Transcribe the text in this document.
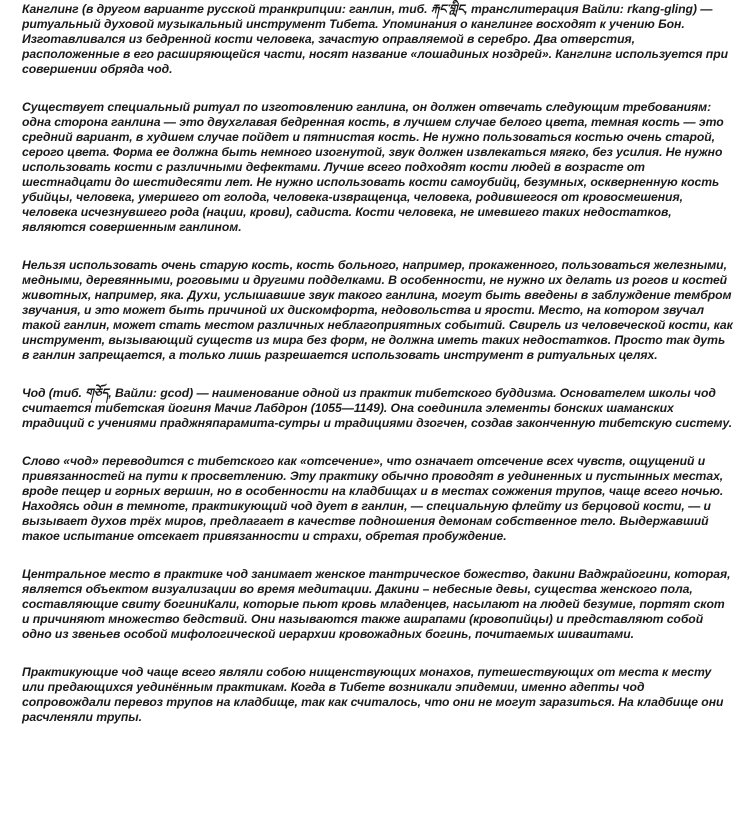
Канглинг (в другом варианте русской транкрипции: ганлин, тиб. རྐང་གླིང, транслитерация Вайли: rkang-gling) — ритуальный духовой музыкальный инструмент Тибета. Упоминания о канглинге восходят к учению Бон. Изготавливался из бедренной кости человека, зачастую оправляемой в серебро. Два отверстия, расположенные в его расширяющейся части, носят название «лошадиных ноздрей». Канглинг используется при совершении обряда чод.

Существует специальный ритуал по изготовлению ганлина, он должен отвечать следующим требованиям: одна сторона ганлина — это двухглавая бедренная кость, в лучшем случае белого цвета, темная кость — это средний вариант, в худшем случае пойдет и пятнистая кость. Не нужно пользоваться костью очень старой, серого цвета. Форма ее должна быть немного изогнутой, звук должен извлекаться мягко, без усилия. Не нужно использовать кости с различными дефектами. Лучше всего подходят кости людей в возрасте от шестнадцати до шестидесяти лет. Не нужно использовать кости самоубийц, безумных, оскверненную кость убийцы, человека, умершего от голода, человека-извращенца, человека, родившегося от кровосмешения, человека исчезнувшего рода (нации, крови), садиста. Кости человека, не имевшего таких недостатков, являются совершенным ганлином.

Нельзя использовать очень старую кость, кость больного, например, прокаженного, пользоваться железными, медными, деревянными, роговыми и другими подделками. В особенности, не нужно их делать из рогов и костей животных, например, яка. Духи, услышавшие звук такого ганлина, могут быть введены в заблуждение тембром звучания, и это может быть причиной их дискомфорта, недовольства и ярости. Место, на котором звучал такой ганлин, может стать местом различных неблагоприятных событий. Свирель из человеческой кости, как инструмент, вызывающий существ из мира без форм, не должна иметь таких недостатков. Просто так дуть в ганлин запрещается, а только лишь разрешается использовать инструмент в ритуальных целях.

Чод (тиб. གཅོད, Вайли: gcod) — наименование одной из практик тибетского буддизма. Основателем школы чод считается тибетская йогиня Мачиг Лабдрон (1055—1149). Она соединила элементы бонских шаманских традиций с учениями праджняпарамита-сутры и традициями дзогчен, создав законченную тибетскую систему.

Слово «чод» переводится с тибетского как «отсечение», что означает отсечение всех чувств, ощущений и привязанностей на пути к просветлению. Эту практику обычно проводят в уединенных и пустынных местах, вроде пещер и горных вершин, но в особенности на кладбищах и в местах сожжения трупов, чаще всего ночью. Находясь один в темноте, практикующий чод дует в ганлин, — специальную флейту из берцовой кости, — и вызывает духов трёх миров, предлагает в качестве подношения демонам собственное тело. Выдержавший такое испытание отсекает привязанности и страхи, обретая пробуждение.

Центральное место в практике чод занимает женское тантрическое божество, дакини Ваджрайогини, которая, является объектом визуализации во время медитации. Дакини – небесные девы, существа женского пола, составляющие свиту богиниКали, которые пьют кровь младенцев, насылают на людей безумие, портят скот и причиняют множество бедствий. Они называются также ашрапами (кровопийцы) и представляют собой одно из звеньев особой мифологической иерархии кровожадных богинь, почитаемых шиваитами.

Практикующие чод чаще всего являли собою нищенствующих монахов, путешествующих от места к месту или предающихся уединённым практикам. Когда в Тибете возникали эпидемии, именно адепты чод сопровождали перевоз трупов на кладбище, так как считалось, что они не могут заразиться. На кладбище они расчленяли трупы.
